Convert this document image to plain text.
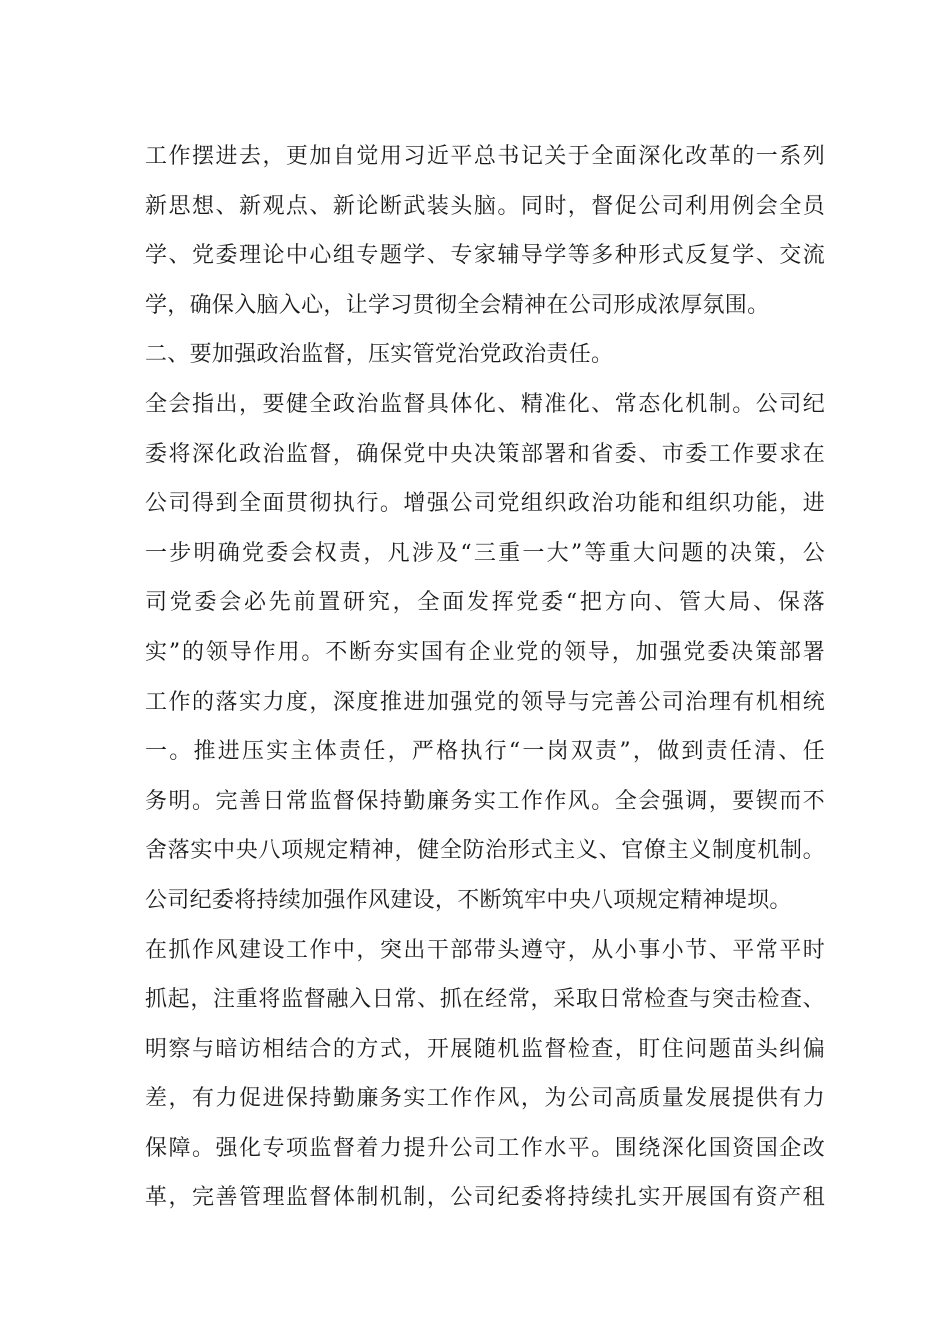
工作摆进去，更加自觉用习近平总书记关于全面深化改革的一系列
新思想、新观点、新论断武装头脑。同时，督促公司利用例会全员
学、党委理论中心组专题学、专家辅导学等多种形式反复学、交流
学，确保入脑入心，让学习贯彻全会精神在公司形成浓厚氛围。
二、要加强政治监督，压实管党治党政治责任。
全会指出，要健全政治监督具体化、精准化、常态化机制。公司纪
委将深化政治监督，确保党中央决策部署和省委、市委工作要求在
公司得到全面贯彻执行。增强公司党组织政治功能和组织功能，进
一步明确党委会权责，凡涉及“三重一大”等重大问题的决策，公
司党委会必先前置研究，全面发挥党委“把方向、管大局、保落
实”的领导作用。不断夯实国有企业党的领导，加强党委决策部署
工作的落实力度，深度推进加强党的领导与完善公司治理有机相统
一。推进压实主体责任，严格执行“一岗双责”，做到责任清、任
务明。完善日常监督保持勤廉务实工作作风。全会强调，要锲而不
舍落实中央八项规定精神，健全防治形式主义、官僚主义制度机制。
公司纪委将持续加强作风建设，不断筑牢中央八项规定精神堤坝。
在抓作风建设工作中，突出干部带头遵守，从小事小节、平常平时
抓起，注重将监督融入日常、抓在经常，采取日常检查与突击检查、
明察与暗访相结合的方式，开展随机监督检查，盯住问题苗头纠偏
差，有力促进保持勤廉务实工作作风，为公司高质量发展提供有力
保障。强化专项监督着力提升公司工作水平。围绕深化国资国企改
革，完善管理监督体制机制，公司纪委将持续扎实开展国有资产租
